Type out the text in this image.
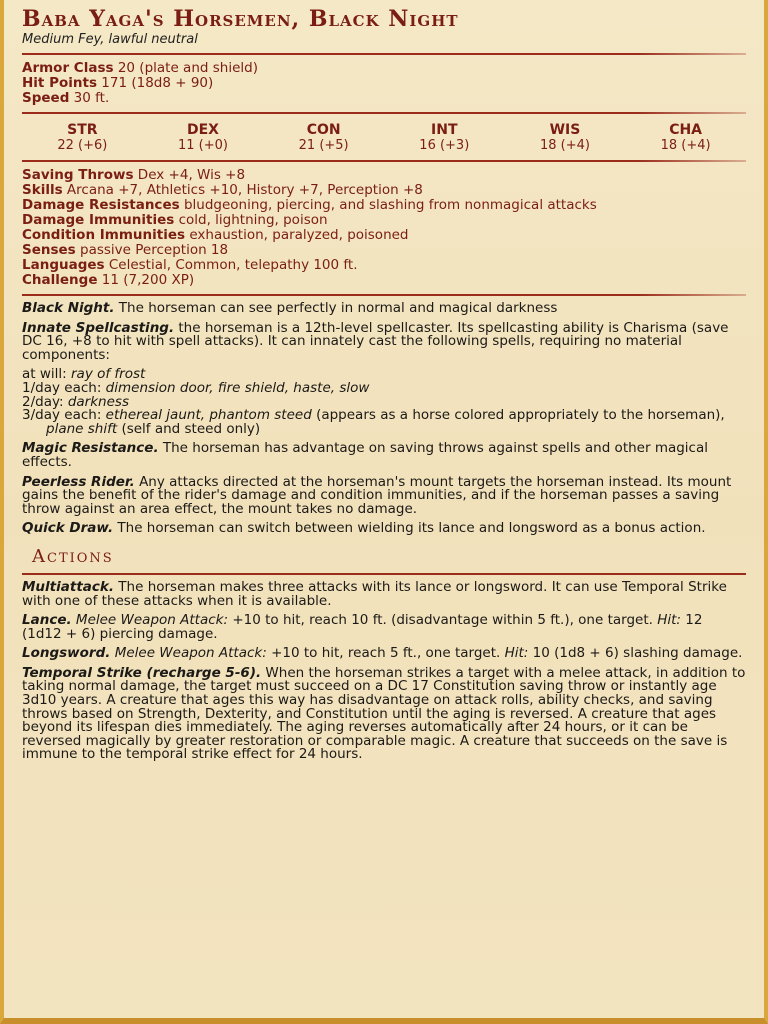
Baba Yaga's Horsemen, Black Night
Medium Fey, lawful neutral
Armor Class 20 (plate and shield)
Hit Points 171 (18d8 + 90)
Speed 30 ft.
STR
22 (+6)
DEX
11 (+0)
CON
21 (+5)
INT
16 (+3)
WIS
18 (+4)
CHA
18 (+4)
Saving Throws Dex +4, Wis +8
Skills Arcana +7, Athletics +10, History +7, Perception +8
Damage Resistances bludgeoning, piercing, and slashing from nonmagical attacks
Damage Immunities cold, lightning, poison
Condition Immunities exhaustion, paralyzed, poisoned
Senses passive Perception 18
Languages Celestial, Common, telepathy 100 ft.
Challenge 11 (7,200 XP)

Black Night. The horseman can see perfectly in normal and magical darkness

Innate Spellcasting. the horseman is a 12th-level spellcaster. Its spellcasting ability is Charisma (save DC 16, +8 to hit with spell attacks). It can innately cast the following spells, requiring no material components:

at will: ray of frost
1/day each: dimension door, fire shield, haste, slow
2/day: darkness
3/day each: ethereal jaunt, phantom steed (appears as a horse colored appropriately to the horseman), plane shift (self and steed only)

Magic Resistance. The horseman has advantage on saving throws against spells and other magical effects.

Peerless Rider. Any attacks directed at the horseman's mount targets the horseman instead. Its mount gains the benefit of the rider's damage and condition immunities, and if the horseman passes a saving throw against an area effect, the mount takes no damage.

Quick Draw. The horseman can switch between wielding its lance and longsword as a bonus action.

Actions

Multiattack. The horseman makes three attacks with its lance or longsword. It can use Temporal Strike with one of these attacks when it is available.

Lance. Melee Weapon Attack: +10 to hit, reach 10 ft. (disadvantage within 5 ft.), one target. Hit: 12 (1d12 + 6) piercing damage.

Longsword. Melee Weapon Attack: +10 to hit, reach 5 ft., one target. Hit: 10 (1d8 + 6) slashing damage.

Temporal Strike (recharge 5-6). When the horseman strikes a target with a melee attack, in addition to taking normal damage, the target must succeed on a DC 17 Constitution saving throw or instantly age 3d10 years. A creature that ages this way has disadvantage on attack rolls, ability checks, and saving throws based on Strength, Dexterity, and Constitution until the aging is reversed. A creature that ages beyond its lifespan dies immediately. The aging reverses automatically after 24 hours, or it can be reversed magically by greater restoration or comparable magic. A creature that succeeds on the save is immune to the temporal strike effect for 24 hours.
